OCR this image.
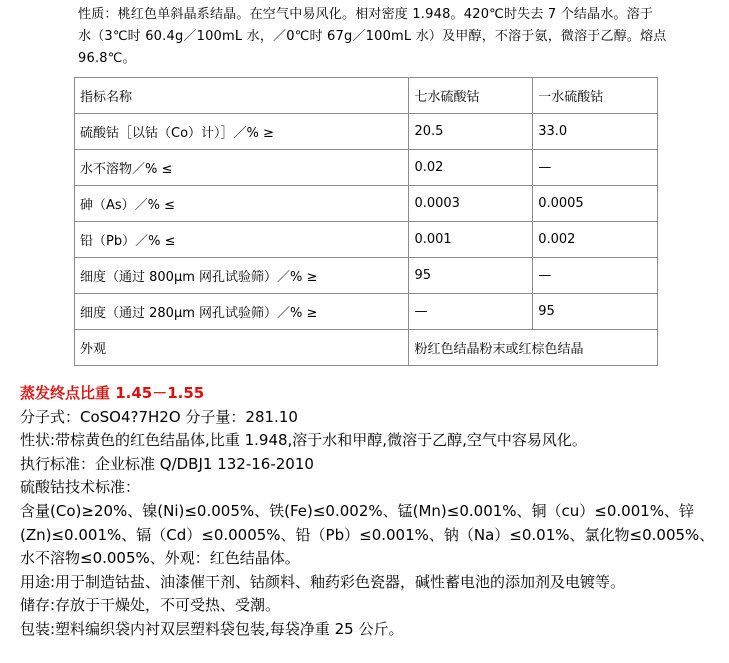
性质：桃红色单斜晶系结晶。在空气中易风化。相对密度 1.948。420℃时失去 7 个结晶水。溶于
水（3℃时 60.4g／100mL 水，／0℃时 67g／100mL 水）及甲醇，不溶于氨，微溶于乙醇。熔点
96.8℃。
指标名称	七水硫酸钴	一水硫酸钴
硫酸钴［以钴（Co）计）］／% ≥	20.5	33.0
水不溶物／% ≤	0.02	—
砷（As）／% ≤	0.0003	0.0005
铅（Pb）／% ≤	0.001	0.002
细度（通过 800μm 网孔试验筛）／% ≥	95	—
细度（通过 280μm 网孔试验筛）／% ≥	—	95
外观	粉红色结晶粉末或红棕色结晶	

蒸发终点比重 1.45－1.55

分子式：CoSO4?7H2O 分子量：281.10

性状:带棕黄色的红色结晶体,比重 1.948,溶于水和甲醇,微溶于乙醇,空气中容易风化。

执行标准：企业标准 Q/DBJ1 132-16-2010

硫酸钴技术标准：

含量(Co)≥20%、镍(Ni)≤0.005%、铁(Fe)≤0.002%、锰(Mn)≤0.001%、铜（cu）≤0.001%、锌

(Zn)≤0.001%、镉（Cd）≤0.0005%、铅（Pb）≤0.001%、钠（Na）≤0.01%、氯化物≤0.005%、

水不溶物≤0.005%、外观：红色结晶体。

用途:用于制造钴盐、油漆催干剂、钴颜料、釉药彩色瓷器，碱性蓄电池的添加剂及电镀等。

储存:存放于干燥处，不可受热、受潮。

包装:塑料编织袋内衬双层塑料袋包装,每袋净重 25 公斤。
